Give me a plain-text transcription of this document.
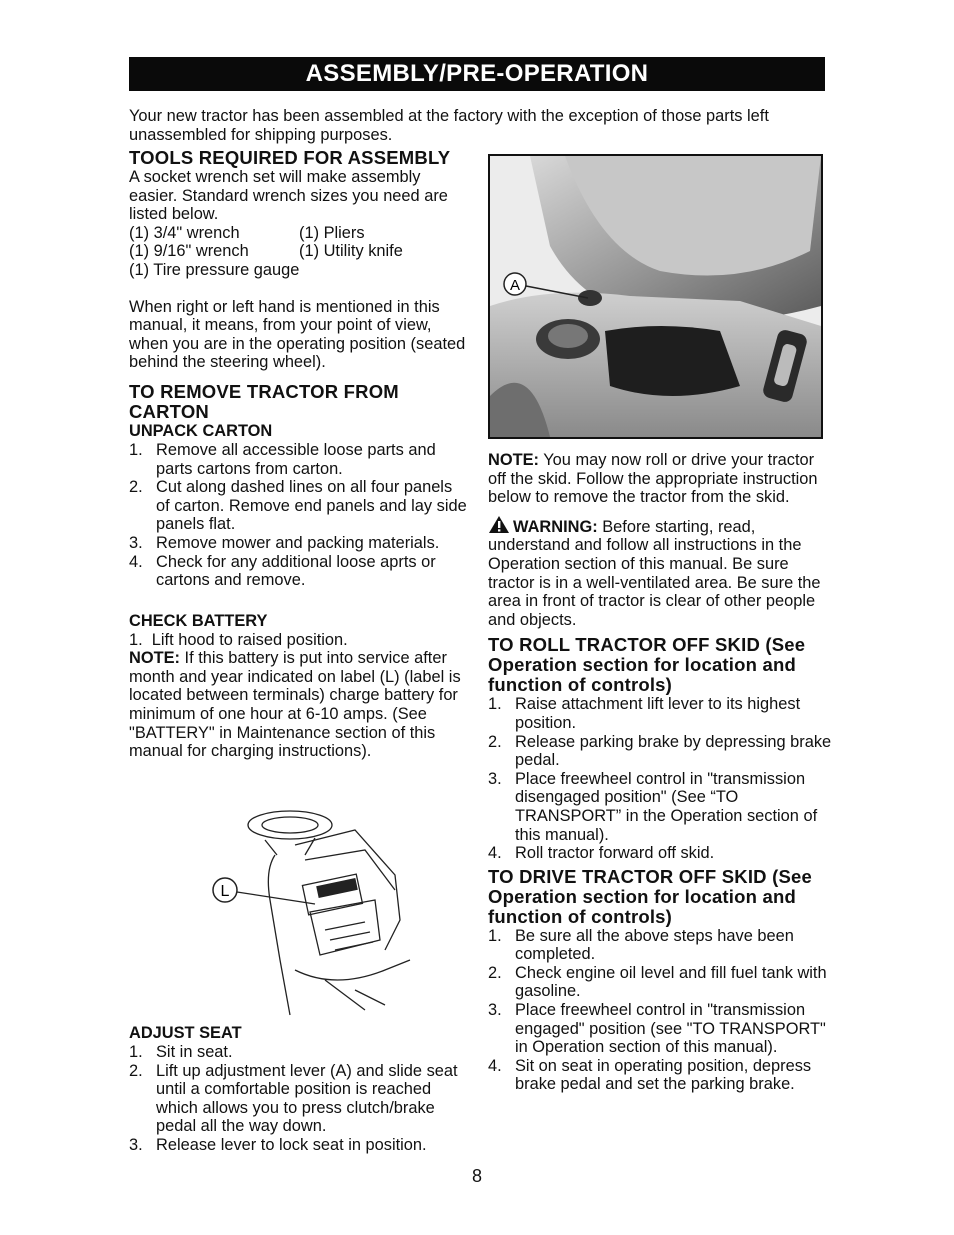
ASSEMBLY/PRE-OPERATION

Your new tractor has been assembled at the factory with the exception of those parts left unassembled for shipping purposes.

TOOLS REQUIRED FOR ASSEMBLY

A socket wrench set will make assembly easier. Standard wrench sizes you need are listed below.

(1) 3/4" wrench	(1) Pliers
(1) 9/16" wrench	(1) Utility knife
(1) Tire pressure gauge

When right or left hand is mentioned in this manual, it means, from your point of view, when you are in the operating position (seated behind the steering wheel).

TO REMOVE TRACTOR FROM CARTON
UNPACK CARTON
1. Remove all accessible loose parts and parts cartons from carton.
2. Cut along dashed lines on all four panels of carton. Remove end panels and lay side panels flat.
3. Remove mower and packing materials.
4. Check for any additional loose aprts or cartons and remove.
CHECK BATTERY

1.  Lift hood to raised position.

NOTE: If this battery is put into service after month and year indicated on label (L) (label is located between terminals) charge battery for minimum of one hour at 6-10 amps. (See "BATTERY" in Maintenance section of this manual for charging instructions).

L
ADJUST SEAT
1. Sit in seat.
2. Lift up adjustment lever (A) and slide seat until a comfortable position is reached which allows you to press clutch/brake pedal all the way down.
3. Release lever to lock seat in position.
A

NOTE: You may now roll or drive your tractor off the skid. Follow the appropriate instruction below to remove the tractor from the skid.

WARNING: Before starting, read, understand and follow all instructions in the Operation section of this manual. Be sure tractor is in a well-ventilated area. Be sure the area in front of tractor is clear of other people and objects.

TO ROLL TRACTOR OFF SKID (See Operation section for location and function of controls)
1. Raise attachment lift lever to its highest position.
2. Release parking brake by depressing brake pedal.
3. Place freewheel control in "transmission disengaged position" (See “TO TRANSPORT” in the Operation section of this manual).
4. Roll tractor forward off skid.
TO DRIVE TRACTOR OFF SKID (See Operation section for location and function of controls)
1. Be sure all the above steps have been completed.
2. Check engine oil level and fill fuel tank with gasoline.
3. Place freewheel control in "transmission engaged" position (see "TO TRANSPORT" in Operation section of this manual).
4. Sit on seat in operating position, depress brake pedal and set the parking brake.
8
